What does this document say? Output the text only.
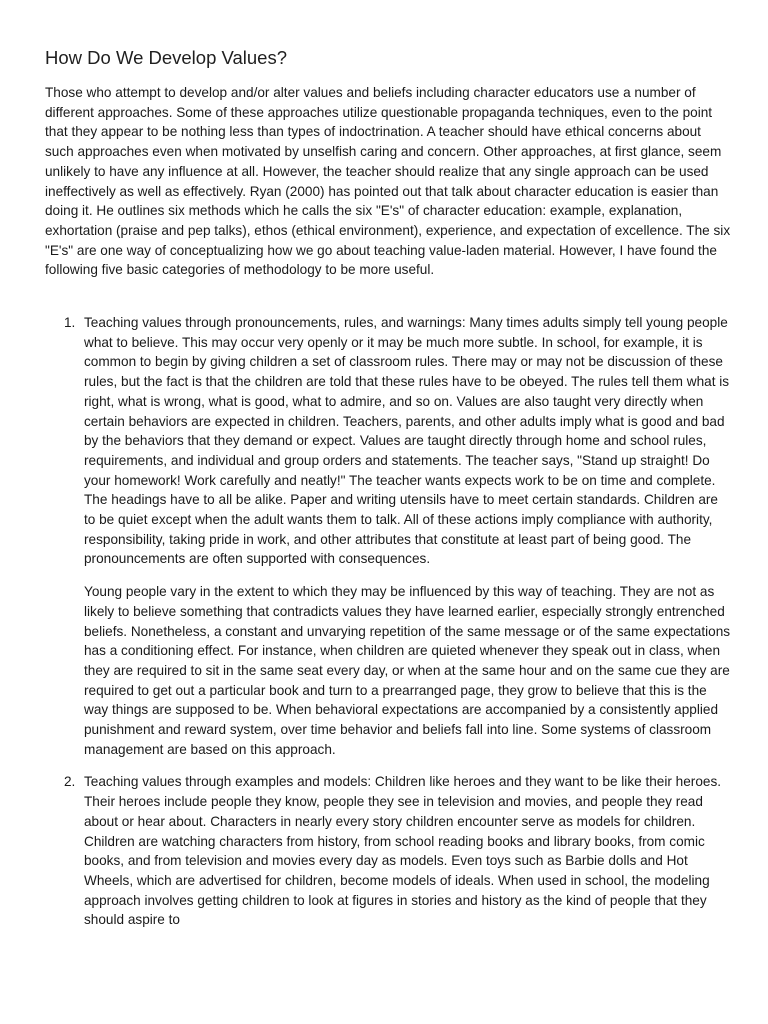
How Do We Develop Values?

Those who attempt to develop and/or alter values and beliefs including character educators use a number of different approaches. Some of these approaches utilize questionable propaganda techniques, even to the point that they appear to be nothing less than types of indoctrination. A teacher should have ethical concerns about such approaches even when motivated by unselfish caring and concern. Other approaches, at first glance, seem unlikely to have any influence at all. However, the teacher should realize that any single approach can be used ineffectively as well as effectively. Ryan (2000) has pointed out that talk about character education is easier than doing it. He outlines six methods which he calls the six "E's" of character education: example, explanation, exhortation (praise and pep talks), ethos (ethical environment), experience, and expectation of excellence. The six "E's" are one way of conceptualizing how we go about teaching value-laden material. However, I have found the following five basic categories of methodology to be more useful.

1. Teaching values through pronouncements, rules, and warnings: Many times adults simply tell young people what to believe. This may occur very openly or it may be much more subtle. In school, for example, it is common to begin by giving children a set of classroom rules. There may or may not be discussion of these rules, but the fact is that the children are told that these rules have to be obeyed. The rules tell them what is right, what is wrong, what is good, what to admire, and so on. Values are also taught very directly when certain behaviors are expected in children. Teachers, parents, and other adults imply what is good and bad by the behaviors that they demand or expect. Values are taught directly through home and school rules, requirements, and individual and group orders and statements. The teacher says, "Stand up straight! Do your homework! Work carefully and neatly!" The teacher wants expects work to be on time and complete. The headings have to all be alike. Paper and writing utensils have to meet certain standards. Children are to be quiet except when the adult wants them to talk. All of these actions imply compliance with authority, responsibility, taking pride in work, and other attributes that constitute at least part of being good. The pronouncements are often supported with consequences.

Young people vary in the extent to which they may be influenced by this way of teaching. They are not as likely to believe something that contradicts values they have learned earlier, especially strongly entrenched beliefs. Nonetheless, a constant and unvarying repetition of the same message or of the same expectations has a conditioning effect. For instance, when children are quieted whenever they speak out in class, when they are required to sit in the same seat every day, or when at the same hour and on the same cue they are required to get out a particular book and turn to a prearranged page, they grow to believe that this is the way things are supposed to be. When behavioral expectations are accompanied by a consistently applied punishment and reward system, over time behavior and beliefs fall into line. Some systems of classroom management are based on this approach.

2. Teaching values through examples and models: Children like heroes and they want to be like their heroes. Their heroes include people they know, people they see in television and movies, and people they read about or hear about. Characters in nearly every story children encounter serve as models for children. Children are watching characters from history, from school reading books and library books, from comic books, and from television and movies every day as models. Even toys such as Barbie dolls and Hot Wheels, which are advertised for children, become models of ideals. When used in school, the modeling approach involves getting children to look at figures in stories and history as the kind of people that they should aspire to
